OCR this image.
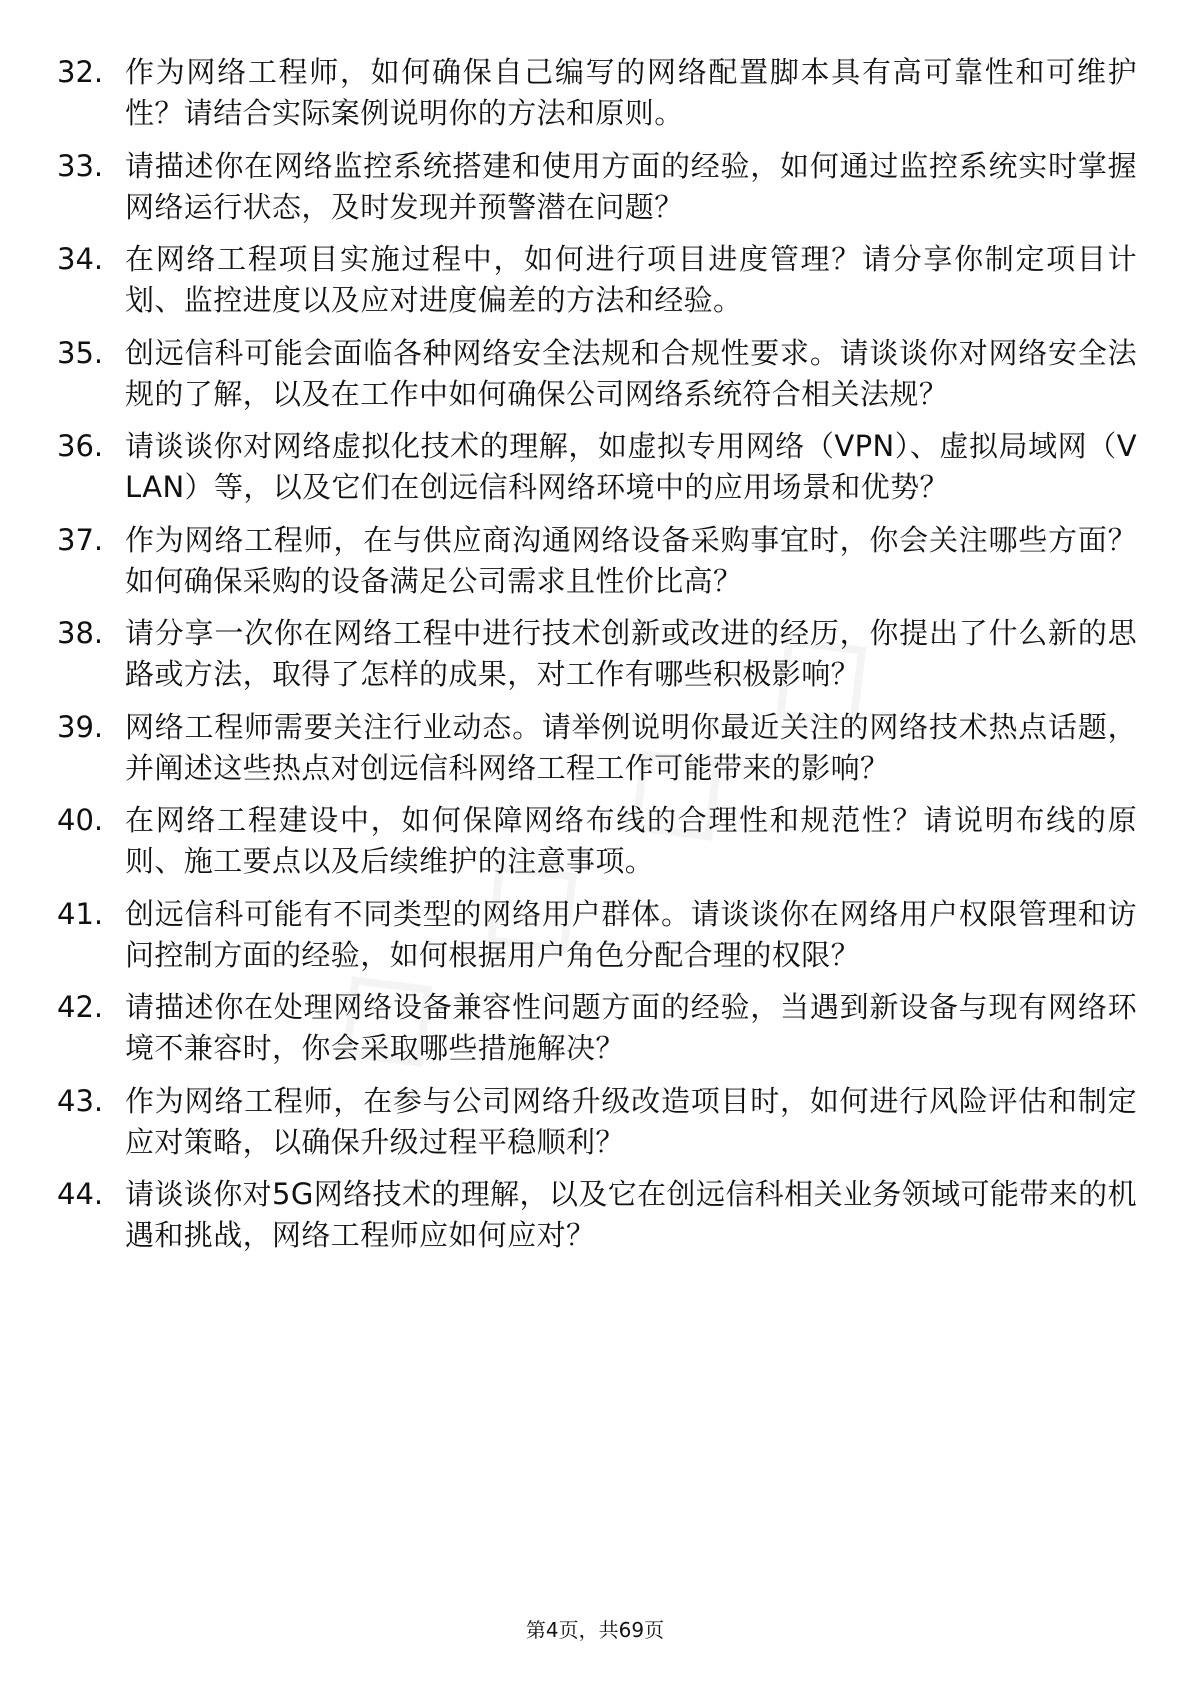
32. 作为网络工程师，如何确保自己编写的网络配置脚本具有高可靠性和可维护性？请结合实际案例说明你的方法和原则。
33. 请描述你在网络监控系统搭建和使用方面的经验，如何通过监控系统实时掌握网络运行状态，及时发现并预警潜在问题？
34. 在网络工程项目实施过程中，如何进行项目进度管理？请分享你制定项目计划、监控进度以及应对进度偏差的方法和经验。
35. 创远信科可能会面临各种网络安全法规和合规性要求。请谈谈你对网络安全法规的了解，以及在工作中如何确保公司网络系统符合相关法规？
36. 请谈谈你对网络虚拟化技术的理解，如虚拟专用网络（VPN）、虚拟局域网（VLAN）等，以及它们在创远信科网络环境中的应用场景和优势？
37. 作为网络工程师，在与供应商沟通网络设备采购事宜时，你会关注哪些方面？如何确保采购的设备满足公司需求且性价比高？
38. 请分享一次你在网络工程中进行技术创新或改进的经历，你提出了什么新的思路或方法，取得了怎样的成果，对工作有哪些积极影响？
39. 网络工程师需要关注行业动态。请举例说明你最近关注的网络技术热点话题，并阐述这些热点对创远信科网络工程工作可能带来的影响？
40. 在网络工程建设中，如何保障网络布线的合理性和规范性？请说明布线的原则、施工要点以及后续维护的注意事项。
41. 创远信科可能有不同类型的网络用户群体。请谈谈你在网络用户权限管理和访问控制方面的经验，如何根据用户角色分配合理的权限？
42. 请描述你在处理网络设备兼容性问题方面的经验，当遇到新设备与现有网络环境不兼容时，你会采取哪些措施解决？
43. 作为网络工程师，在参与公司网络升级改造项目时，如何进行风险评估和制定应对策略，以确保升级过程平稳顺利？
44. 请谈谈你对5G网络技术的理解，以及它在创远信科相关业务领域可能带来的机遇和挑战，网络工程师应如何应对？
第4页，共69页
